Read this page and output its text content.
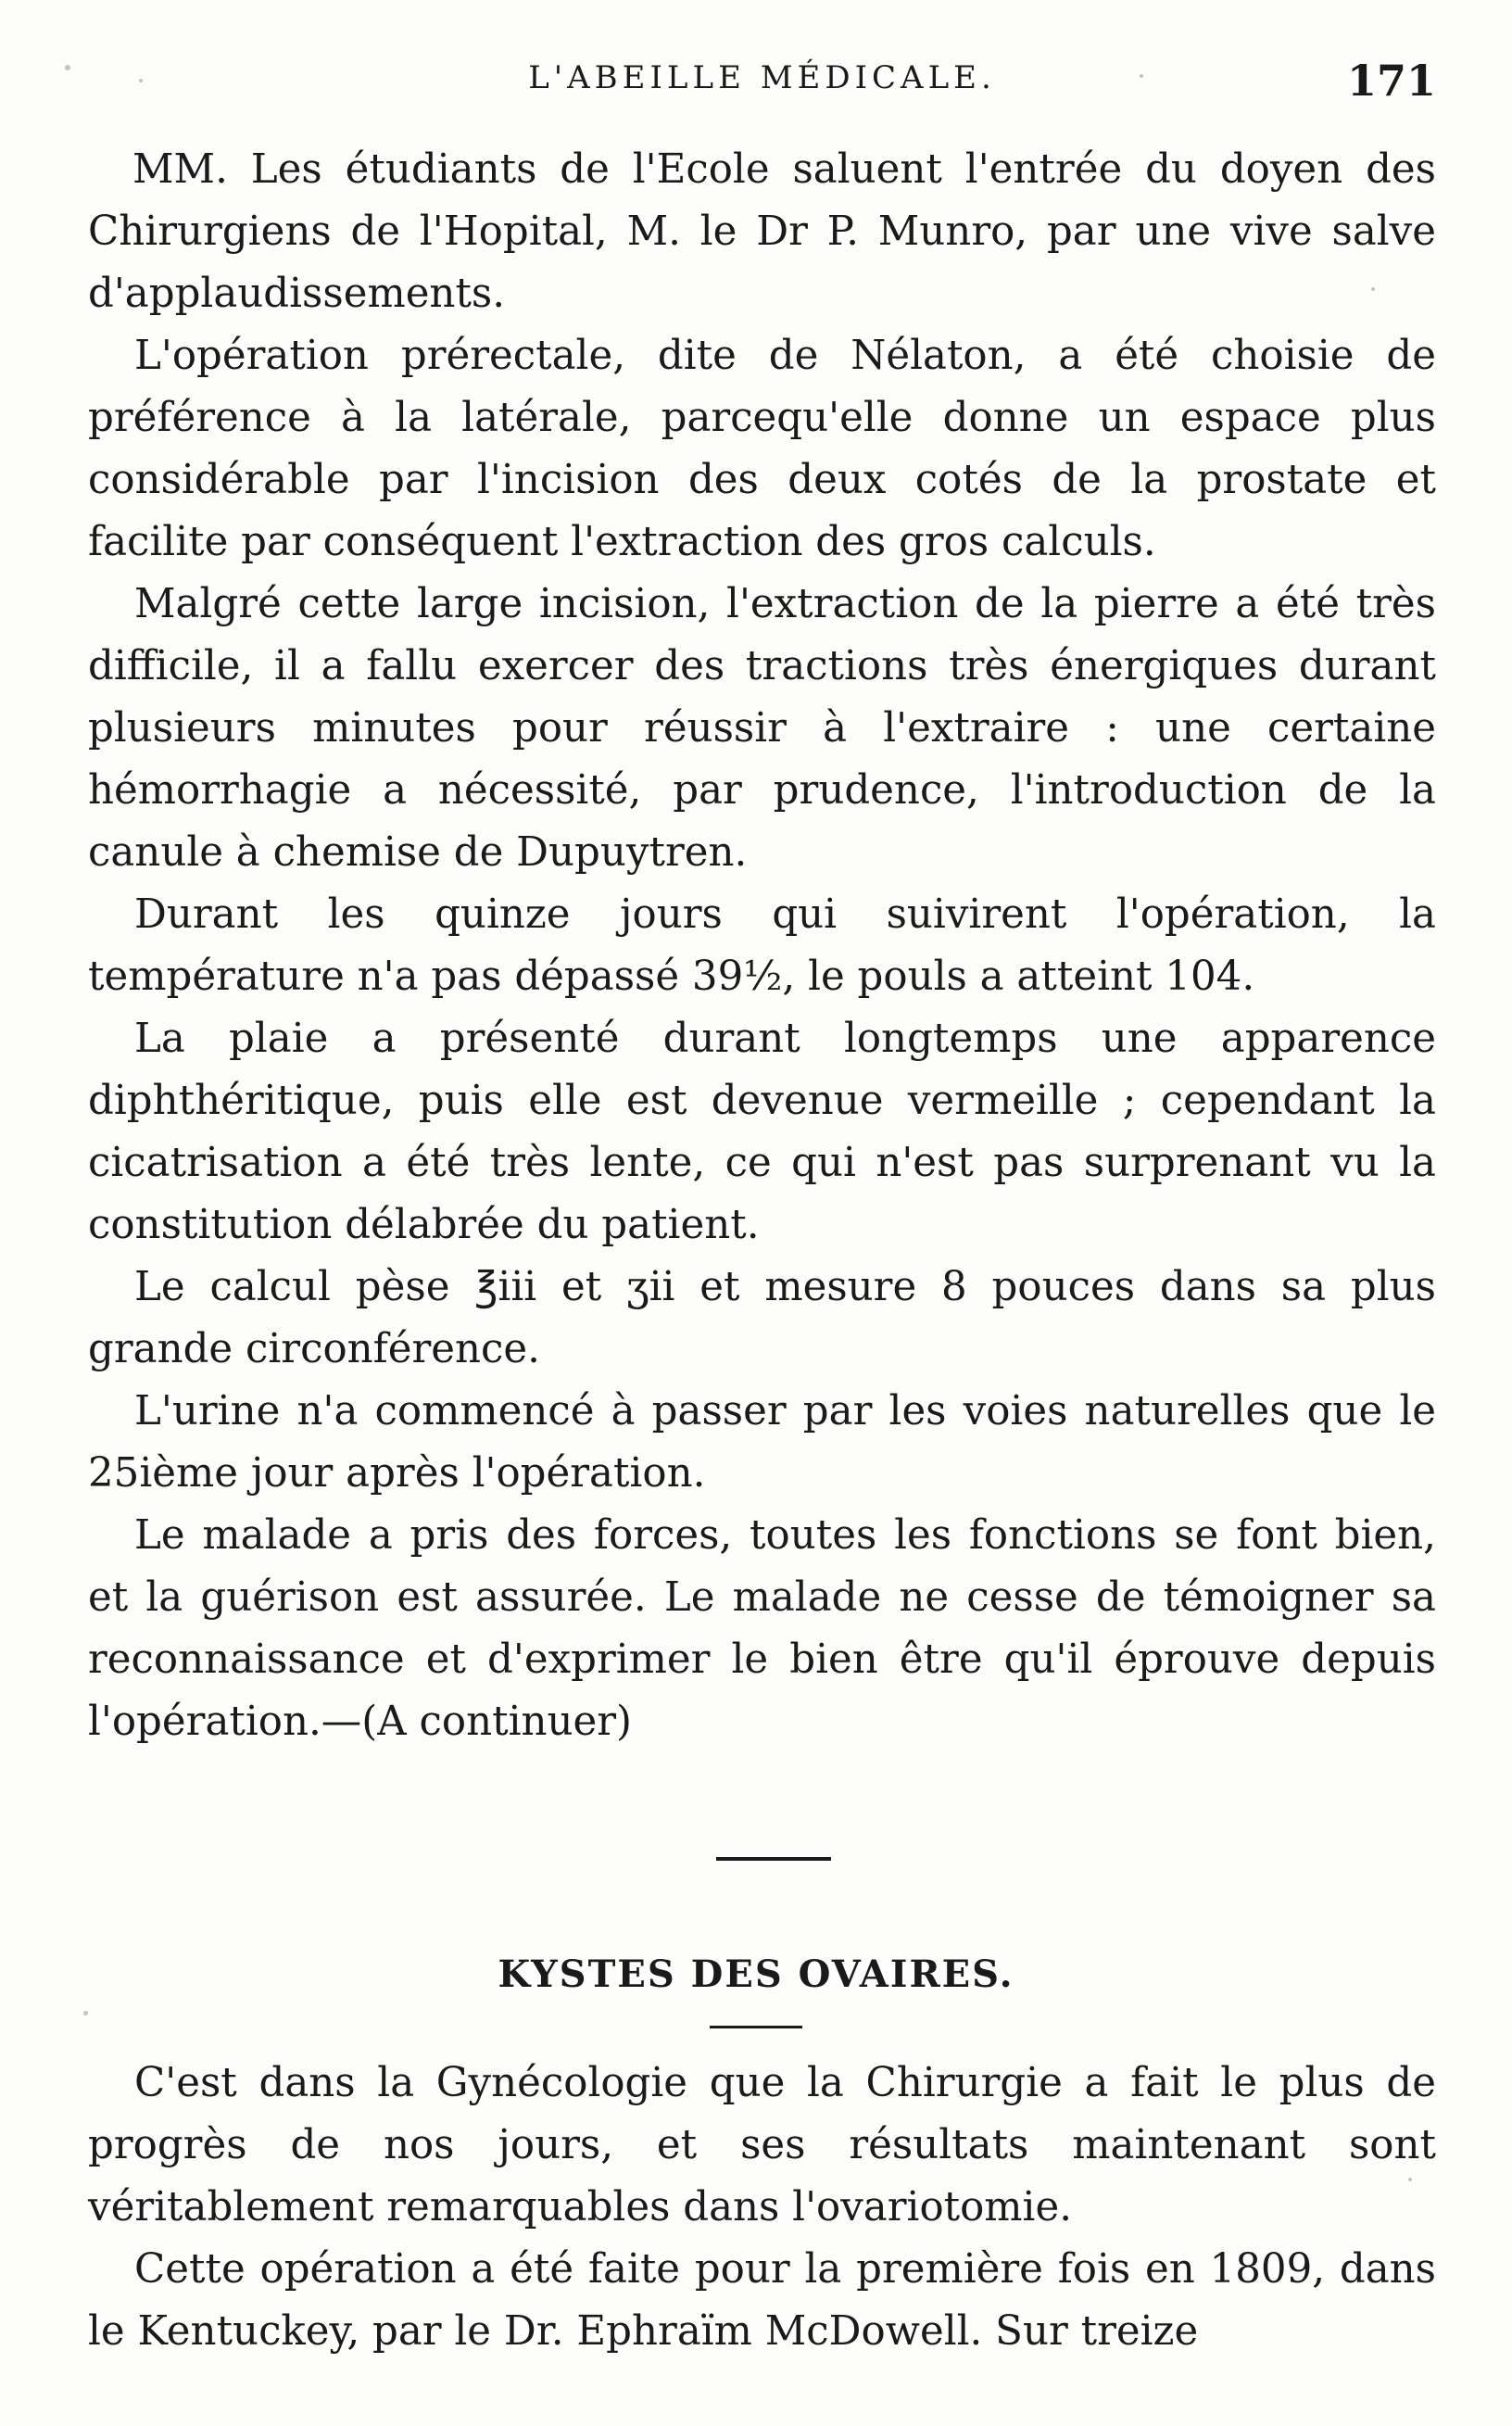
L'ABEILLE MÉDICALE.	171

MM. Les étudiants de l'Ecole saluent l'entrée du doyen des Chirurgiens de l'Hopital, M. le Dr P. Munro, par une vive salve d'applaudissements.

L'opération prérectale, dite de Nélaton, a été choisie de préférence à la latérale, parcequ'elle donne un espace plus considérable par l'incision des deux cotés de la prostate et facilite par conséquent l'extraction des gros calculs.

Malgré cette large incision, l'extraction de la pierre a été très difficile, il a fallu exercer des tractions très énergiques durant plusieurs minutes pour réussir à l'extraire : une certaine hémorrhagie a nécessité, par prudence, l'introduction de la canule à chemise de Dupuytren.

Durant les quinze jours qui suivirent l'opération, la température n'a pas dépassé 39½, le pouls a atteint 104.

La plaie a présenté durant longtemps une apparence diphthéritique, puis elle est devenue vermeille ; cependant la cicatrisation a été très lente, ce qui n'est pas surprenant vu la constitution délabrée du patient.

Le calcul pèse ℥iii et ʒii et mesure 8 pouces dans sa plus grande circonférence.

L'urine n'a commencé à passer par les voies naturelles que le 25ième jour après l'opération.

Le malade a pris des forces, toutes les fonctions se font bien, et la guérison est assurée. Le malade ne cesse de témoigner sa reconnaissance et d'exprimer le bien être qu'il éprouve depuis l'opération.—(A continuer)

KYSTES DES OVAIRES.

C'est dans la Gynécologie que la Chirurgie a fait le plus de progrès de nos jours, et ses résultats maintenant sont véritablement remarquables dans l'ovariotomie.

Cette opération a été faite pour la première fois en 1809, dans le Kentuckey, par le Dr. Ephraïm McDowell. Sur treize
